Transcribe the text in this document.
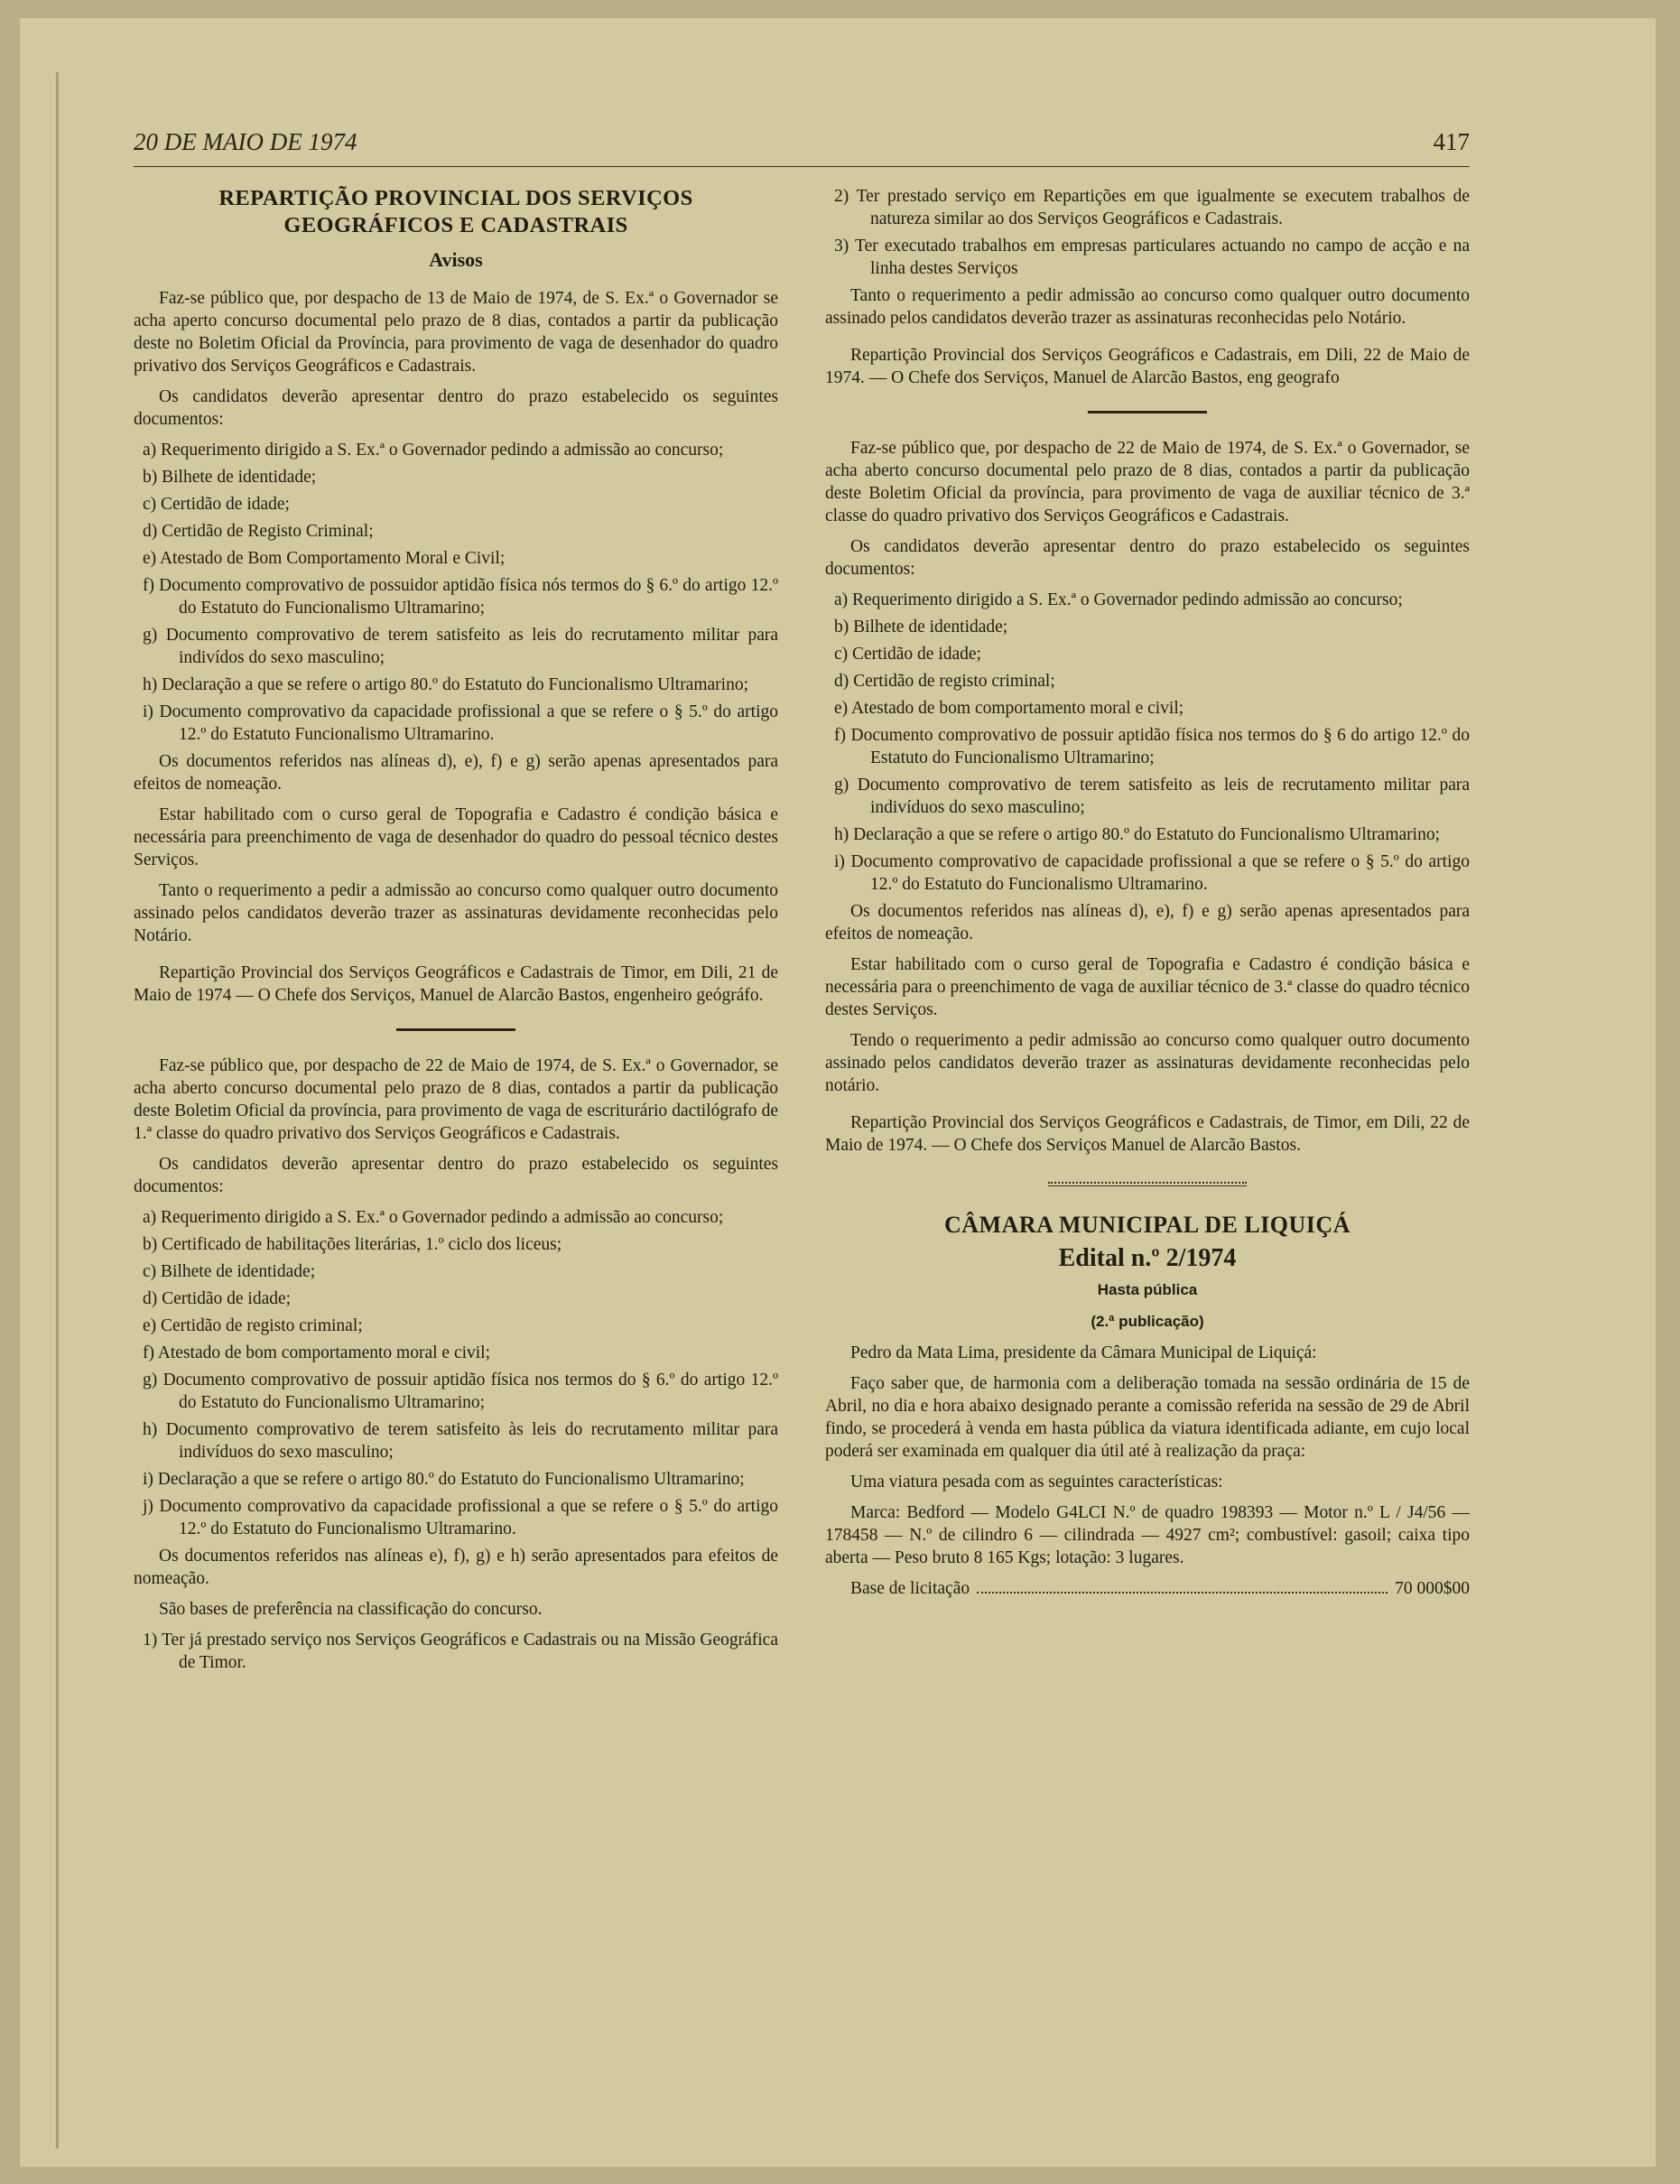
20 DE MAIO DE 1974	417
REPARTIÇÃO PROVINCIAL DOS SERVIÇOS GEOGRÁFICOS E CADASTRAIS
Avisos

Faz-se público que, por despacho de 13 de Maio de 1974, de S. Ex.ª o Governador se acha aperto concurso documental pelo prazo de 8 dias, contados a partir da publicação deste no Boletim Oficial da Província, para provimento de vaga de desenhador do quadro privativo dos Serviços Geográficos e Cadastrais.

Os candidatos deverão apresentar dentro do prazo estabelecido os seguintes documentos:

a) Requerimento dirigido a S. Ex.ª o Governador pedindo a admissão ao concurso;

b) Bilhete de identidade;

c) Certidão de idade;

d) Certidão de Registo Criminal;

e) Atestado de Bom Comportamento Moral e Civil;

f) Documento comprovativo de possuidor aptidão física nós termos do § 6.º do artigo 12.º do Estatuto do Funcionalismo Ultramarino;

g) Documento comprovativo de terem satisfeito as leis do recrutamento militar para indivídos do sexo masculino;

h) Declaração a que se refere o artigo 80.º do Estatuto do Funcionalismo Ultramarino;

i) Documento comprovativo da capacidade profissional a que se refere o § 5.º do artigo 12.º do Estatuto Funcionalismo Ultramarino.

Os documentos referidos nas alíneas d), e), f) e g) serão apenas apresentados para efeitos de nomeação.

Estar habilitado com o curso geral de Topografia e Cadastro é condição básica e necessária para preenchimento de vaga de desenhador do quadro do pessoal técnico destes Serviços.

Tanto o requerimento a pedir a admissão ao concurso como qualquer outro documento assinado pelos candidatos deverão trazer as assinaturas devidamente reconhecidas pelo Notário.

Repartição Provincial dos Serviços Geográficos e Cadastrais de Timor, em Dili, 21 de Maio de 1974 — O Chefe dos Serviços, Manuel de Alarcão Bastos, engenheiro geógráfo.

Faz-se público que, por despacho de 22 de Maio de 1974, de S. Ex.ª o Governador, se acha aberto concurso documental pelo prazo de 8 dias, contados a partir da publicação deste Boletim Oficial da província, para provimento de vaga de escriturário dactilógrafo de 1.ª classe do quadro privativo dos Serviços Geográficos e Cadastrais.

Os candidatos deverão apresentar dentro do prazo estabelecido os seguintes documentos:

a) Requerimento dirigido a S. Ex.ª o Governador pedindo a admissão ao concurso;

b) Certificado de habilitações literárias, 1.º ciclo dos liceus;

c) Bilhete de identidade;

d) Certidão de idade;

e) Certidão de registo criminal;

f) Atestado de bom comportamento moral e civil;

g) Documento comprovativo de possuir aptidão física nos termos do § 6.º do artigo 12.º do Estatuto do Funcionalismo Ultramarino;

h) Documento comprovativo de terem satisfeito às leis do recrutamento militar para indivíduos do sexo masculino;

i) Declaração a que se refere o artigo 80.º do Estatuto do Funcionalismo Ultramarino;

j) Documento comprovativo da capacidade profissional a que se refere o § 5.º do artigo 12.º do Estatuto do Funcionalismo Ultramarino.

Os documentos referidos nas alíneas e), f), g) e h) serão apresentados para efeitos de nomeação.

São bases de preferência na classificação do concurso.

1) Ter já prestado serviço nos Serviços Geográficos e Cadastrais ou na Missão Geográfica de Timor.

2) Ter prestado serviço em Repartições em que igualmente se executem trabalhos de natureza similar ao dos Serviços Geográficos e Cadastrais.

3) Ter executado trabalhos em empresas particulares actuando no campo de acção e na linha destes Serviços

Tanto o requerimento a pedir admissão ao concurso como qualquer outro documento assinado pelos candidatos deverão trazer as assinaturas reconhecidas pelo Notário.

Repartição Provincial dos Serviços Geográficos e Cadastrais, em Dili, 22 de Maio de 1974. — O Chefe dos Serviços, Manuel de Alarcão Bastos, eng geografo

Faz-se público que, por despacho de 22 de Maio de 1974, de S. Ex.ª o Governador, se acha aberto concurso documental pelo prazo de 8 dias, contados a partir da publicação deste Boletim Oficial da província, para provimento de vaga de auxiliar técnico de 3.ª classe do quadro privativo dos Serviços Geográficos e Cadastrais.

Os candidatos deverão apresentar dentro do prazo estabelecido os seguintes documentos:

a) Requerimento dirigido a S. Ex.ª o Governador pedindo admissão ao concurso;

b) Bilhete de identidade;

c) Certidão de idade;

d) Certidão de registo criminal;

e) Atestado de bom comportamento moral e civil;

f) Documento comprovativo de possuir aptidão física nos termos do § 6 do artigo 12.º do Estatuto do Funcionalismo Ultramarino;

g) Documento comprovativo de terem satisfeito as leis de recrutamento militar para indivíduos do sexo masculino;

h) Declaração a que se refere o artigo 80.º do Estatuto do Funcionalismo Ultramarino;

i) Documento comprovativo de capacidade profissional a que se refere o § 5.º do artigo 12.º do Estatuto do Funcionalismo Ultramarino.

Os documentos referidos nas alíneas d), e), f) e g) serão apenas apresentados para efeitos de nomeação.

Estar habilitado com o curso geral de Topografia e Cadastro é condição básica e necessária para o preenchimento de vaga de auxiliar técnico de 3.ª classe do quadro técnico destes Serviços.

Tendo o requerimento a pedir admissão ao concurso como qualquer outro documento assinado pelos candidatos deverão trazer as assinaturas devidamente reconhecidas pelo notário.

Repartição Provincial dos Serviços Geográficos e Cadastrais, de Timor, em Dili, 22 de Maio de 1974. — O Chefe dos Serviços Manuel de Alarcão Bastos.

CÂMARA MUNICIPAL DE LIQUIÇÁ
Edital n.º 2/1974
Hasta pública
(2.ª publicação)

Pedro da Mata Lima, presidente da Câmara Municipal de Liquiçá:

Faço saber que, de harmonia com a deliberação tomada na sessão ordinária de 15 de Abril, no dia e hora abaixo designado perante a comissão referida na sessão de 29 de Abril findo, se procederá à venda em hasta pública da viatura identificada adiante, em cujo local poderá ser examinada em qualquer dia útil até à realização da praça:

Uma viatura pesada com as seguintes características:

Marca: Bedford — Modelo G4LCI N.º de quadro 198393 — Motor n.º L / J4/56 — 178458 — N.º de cilindro 6 — cilindrada — 4927 cm²; combustível: gasoil; caixa tipo aberta — Peso bruto 8 165 Kgs; lotação: 3 lugares.

Base de licitação	70 000$00
